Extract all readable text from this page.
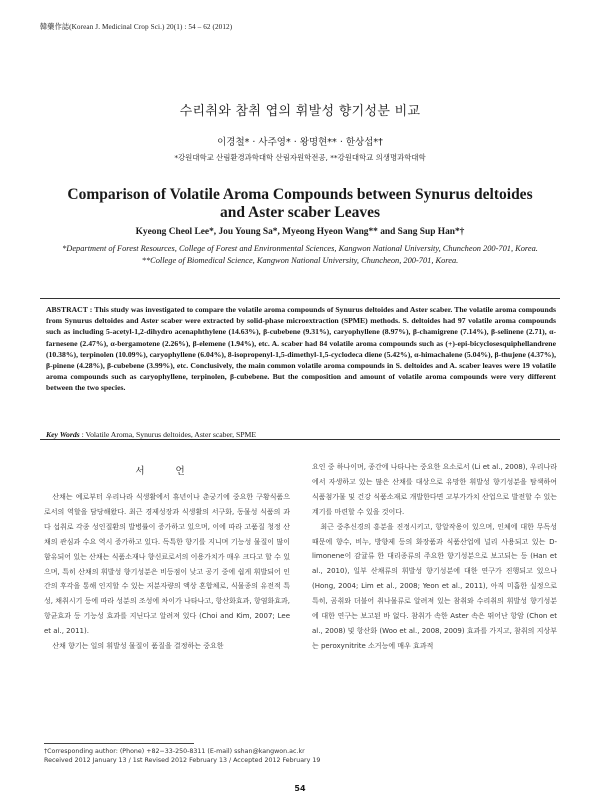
韓藥作誌(Korean J. Medicinal Crop Sci.) 20(1) : 54 – 62 (2012)
수리취와 참취 엽의 휘발성 향기성분 비교
이경철* · 사주영* · 왕명현** · 한상섭*†
*강원대학교 산림환경과학대학 산림자원학전공, **강원대학교 의생명과학대학
Comparison of Volatile Aroma Compounds between Synurus deltoides and Aster scaber Leaves
Kyeong Cheol Lee*, Jou Young Sa*, Myeong Hyeon Wang** and Sang Sup Han*†
*Department of Forest Resources, College of Forest and Environmental Sciences, Kangwon National University, Chuncheon 200-701, Korea.
**College of Biomedical Science, Kangwon National University, Chuncheon, 200-701, Korea.
ABSTRACT : This study was investigated to compare the volatile aroma compounds of Synurus deltoides and Aster scaber. The volatile aroma compounds from Synurus deltoides and Aster scaber were extracted by solid-phase microextraction (SPME) methods. S. deltoides had 97 volatile aroma compounds such as including 5-acetyl-1,2-dihydro acenaphthylene (14.63%), β-cubebene (9.31%), caryophyllene (8.97%), β-chamigrene (7.14%), β-selinene (2.71), α-farnesene (2.47%), α-bergamotene (2.26%), β-elemene (1.94%), etc. A. scaber had 84 volatile aroma compounds such as (+)-epi-bicyclosesquiphellandrene (10.38%), terpinolen (10.09%), caryophyllene (6.04%), 8-isopropenyl-1,5-dimethyl-1,5-cyclodeca diene (5.42%), α-himachalene (5.04%), β-thujene (4.37%), β-pinene (4.28%), β-cubebene (3.99%), etc. Conclusively, the main common volatile aroma compounds in S. deltoides and A. scaber leaves were 19 volatile aroma compounds such as caryophyllene, terpinolen, β-cubebene. But the composition and amount of volatile aroma compounds were very different between the two species.
Key Words : Volatile Aroma, Synurus deltoides, Aster scaber, SPME
서 언

산채는 예로부터 우리나라 식생활에서 휴년이나 춘궁기에 중요한 구황식품으로서의 역할을 담당해왔다. 최근 경제성장과 식생활의 서구화, 동물성 식품의 과다 섭취로 각종 성인질환의 발병률이 증가하고 있으며, 이에 따라 고품질 청정 산채의 관심과 수요 역시 증가하고 있다. 독특한 향기를 지니며 기능성 물질이 많이 함유되어 있는 산채는 식품소재나 향신료로서의 이용가치가 매우 크다고 할 수 있으며, 특히 산채의 휘발성 향기성분은 비등점이 낮고 공기 중에 쉽게 휘발되어 인간의 후각을 통해 인지할 수 있는 저분자량의 액상 혼합체로, 식물종의 유전적 특성, 채취시기 등에 따라 성분의 조성에 차이가 나타나고, 항산화효과, 항염화효과, 항균효과 등 기능성 효과를 지닌다고 알려져 있다 (Choi and Kim, 2007; Lee et al., 2011).

산채 향기는 일의 휘발성 물질이 품질을 결정하는 중요한

요인 중 하나이며, 종간에 나타나는 중요한 요소로서 (Li et al., 2008), 우리나라에서 자생하고 있는 많은 산채를 대상으로 유망한 휘발성 향기성분을 탐색하여 식품첨가물 및 건강 식품소재로 개발한다면 고부가가치 산업으로 발전할 수 있는 계기를 마련할 수 있을 것이다.

최근 중추신경의 흥분을 진정시키고, 항알작용이 있으며, 인체에 대한 무독성 때문에 향수, 비누, 방향제 등의 화장품과 식품산업에 널리 사용되고 있는 D-limonene이 감귤류 한 대리종류의 주요한 향기성분으로 보고되는 등 (Han et al., 2010), 일부 산채류의 휘발성 향기성분에 대한 연구가 진행되고 있으나 (Hong, 2004; Lim et al., 2008; Yeon et al., 2011), 아직 미흡한 실정으로 특히, 곰취와 더불어 취나물류로 알려져 있는 참취와 수리취의 휘발성 향기성분에 대한 연구는 보고된 바 없다. 참취가 속한 Aster 속은 뛰어난 항암 (Chon et al., 2008) 및 항산화 (Woo et al., 2008, 2009) 효과를 가지고, 참취의 지상부는 peroxynitrite 소거능에 매우 효과적

†Corresponding author: (Phone) +82−33-250-8311 (E-mail) sshan@kangwon.ac.kr
Received 2012 January 13 / 1st Revised 2012 February 13 / Accepted 2012 February 19
54
